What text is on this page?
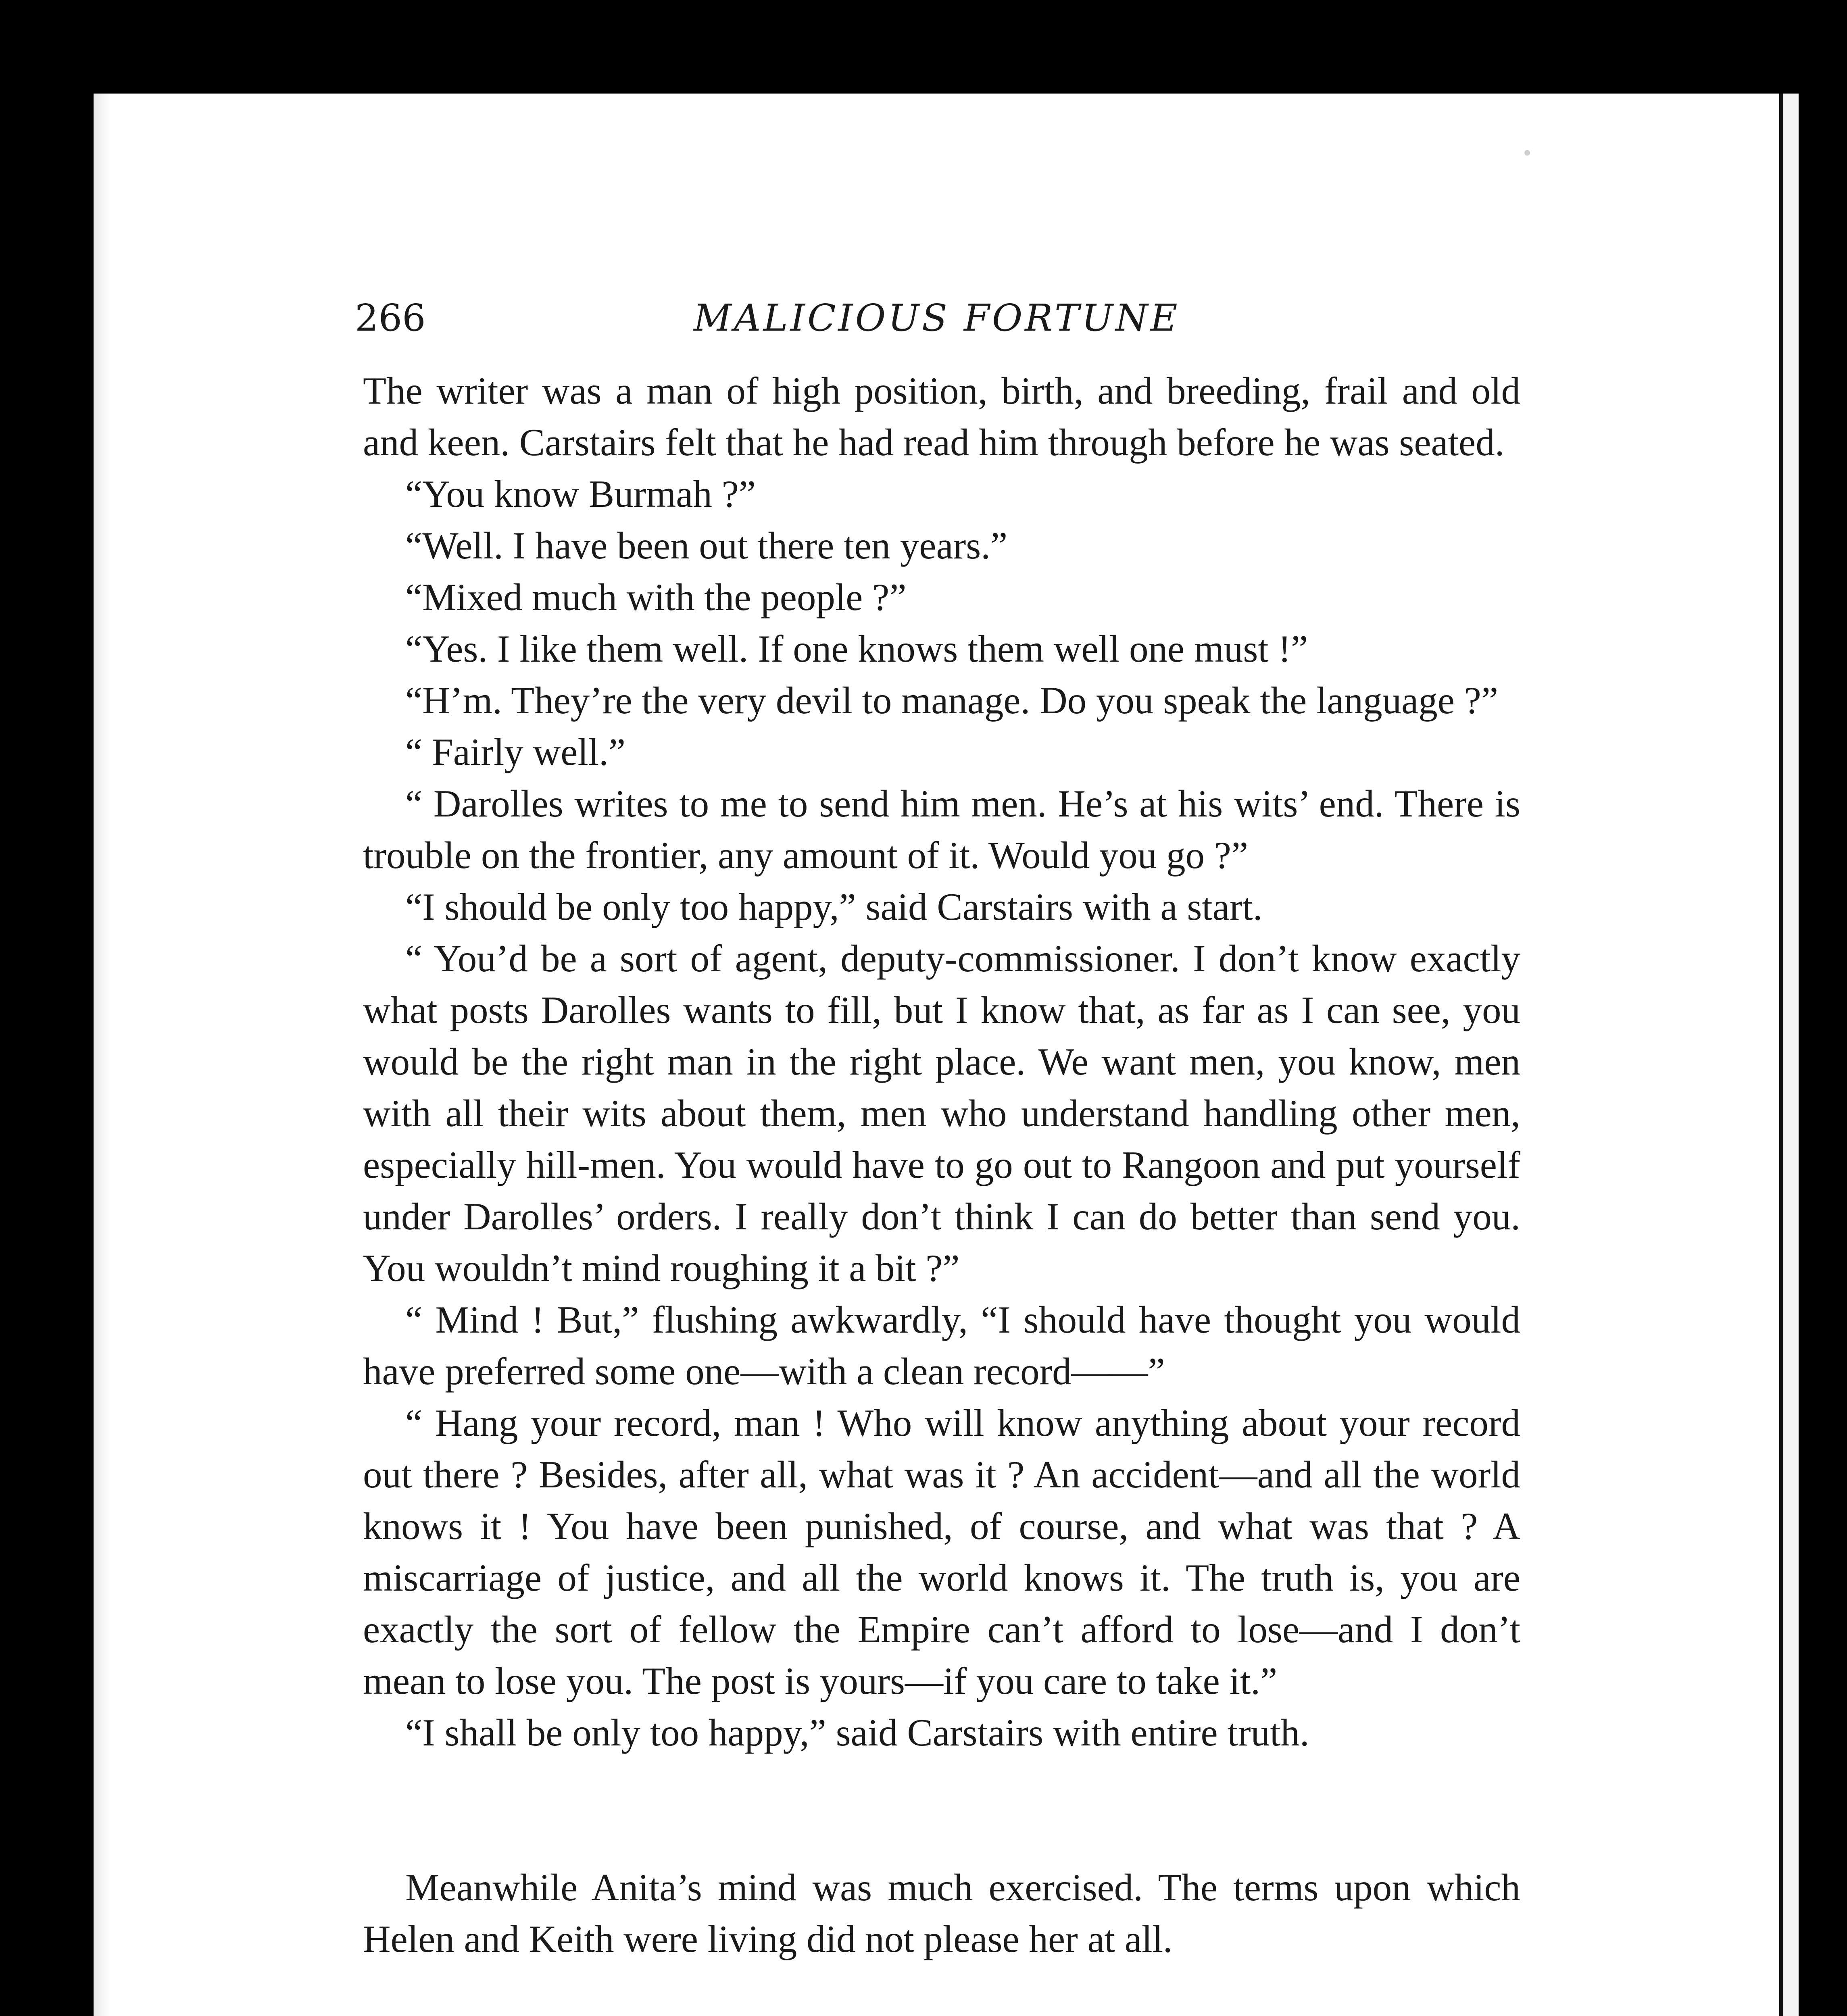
266	MALICIOUS FORTUNE

The writer was a man of high position, birth, and breeding, frail and old and keen. Carstairs felt that he had read him through before he was seated.

“You know Burmah ?”

“Well. I have been out there ten years.”

“Mixed much with the people ?”

“Yes. I like them well. If one knows them well one must !”

“H’m. They’re the very devil to manage. Do you speak the language ?”

“ Fairly well.”

“ Darolles writes to me to send him men. He’s at his wits’ end. There is trouble on the frontier, any amount of it. Would you go ?”

“I should be only too happy,” said Carstairs with a start.

“ You’d be a sort of agent, deputy-commissioner. I don’t know exactly what posts Darolles wants to fill, but I know that, as far as I can see, you would be the right man in the right place. We want men, you know, men with all their wits about them, men who understand handling other men, especially hill-men. You would have to go out to Rangoon and put yourself under Darolles’ orders. I really don’t think I can do better than send you. You wouldn’t mind roughing it a bit ?”

“ Mind ! But,” flushing awkwardly, “I should have thought you would have preferred some one—with a clean record——”

“ Hang your record, man ! Who will know anything about your record out there ? Besides, after all, what was it ? An accident—and all the world knows it ! You have been punished, of course, and what was that ? A miscarriage of justice, and all the world knows it. The truth is, you are exactly the sort of fellow the Empire can’t afford to lose—and I don’t mean to lose you. The post is yours—if you care to take it.”

“I shall be only too happy,” said Carstairs with entire truth.

Meanwhile Anita’s mind was much exercised. The terms upon which Helen and Keith were living did not please her at all.
